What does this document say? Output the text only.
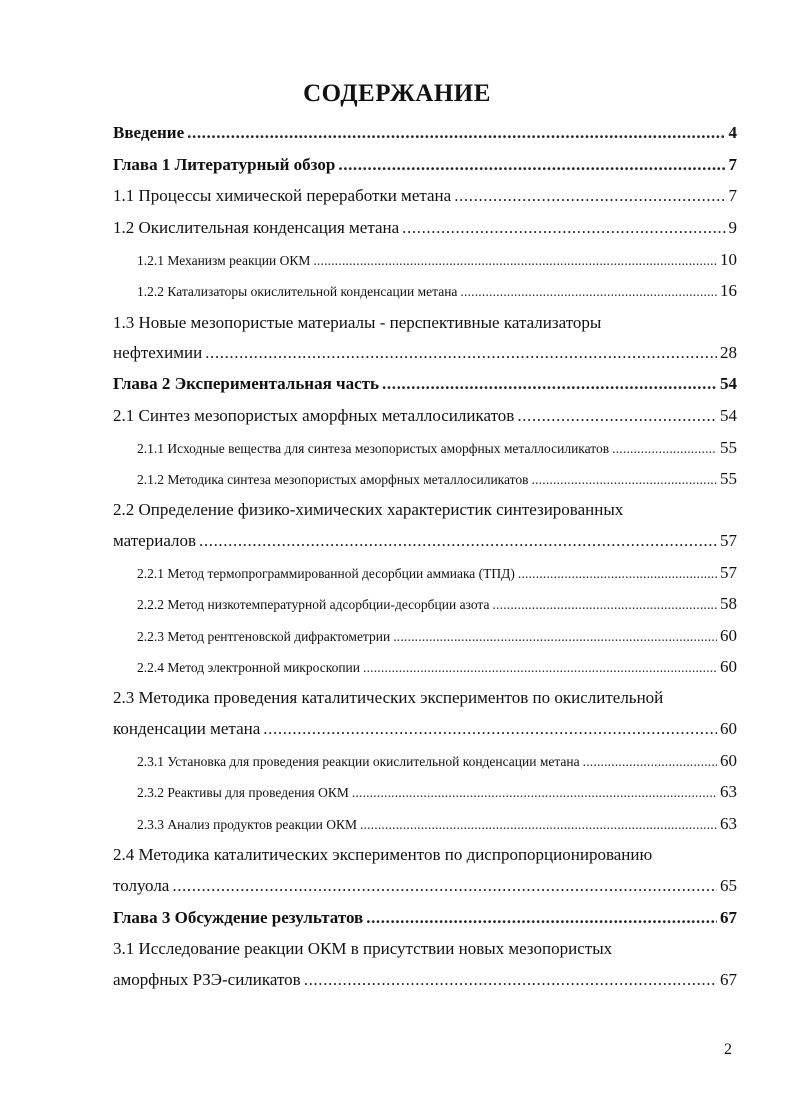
СОДЕРЖАНИЕ
Введение .....	4
Глава 1 Литературный обзор .....	7
1.1 Процессы химической переработки метана .....	7
1.2 Окислительная конденсация метана .....	9
1.2.1 Механизм реакции ОКМ .....	10
1.2.2 Катализаторы окислительной конденсации метана .....	16
1.3 Новые мезопористые материалы - перспективные катализаторы
нефтехимии .....	28
Глава 2 Экспериментальная часть .....	54
2.1 Синтез мезопористых аморфных металлосиликатов .....	54
2.1.1 Исходные вещества для синтеза мезопористых аморфных металлосиликатов .....	55
2.1.2 Методика синтеза мезопористых аморфных металлосиликатов .....	55
2.2 Определение физико-химических характеристик синтезированных
материалов .....	57
2.2.1 Метод термопрограммированной десорбции аммиака (ТПД) .....	57
2.2.2 Метод низкотемпературной адсорбции-десорбции азота .....	58
2.2.3 Метод рентгеновской дифрактометрии .....	60
2.2.4 Метод электронной микроскопии .....	60
2.3 Методика проведения каталитических экспериментов по окислительной
конденсации метана .....	60
2.3.1 Установка для проведения реакции окислительной конденсации метана .....	60
2.3.2 Реактивы для проведения ОКМ .....	63
2.3.3 Анализ продуктов реакции ОКМ .....	63
2.4 Методика каталитических экспериментов по диспропорционированию
толуола .....	65
Глава 3 Обсуждение результатов .....	67
3.1 Исследование реакции ОКМ в присутствии новых мезопористых
аморфных РЗЭ-силикатов .....	67
2
